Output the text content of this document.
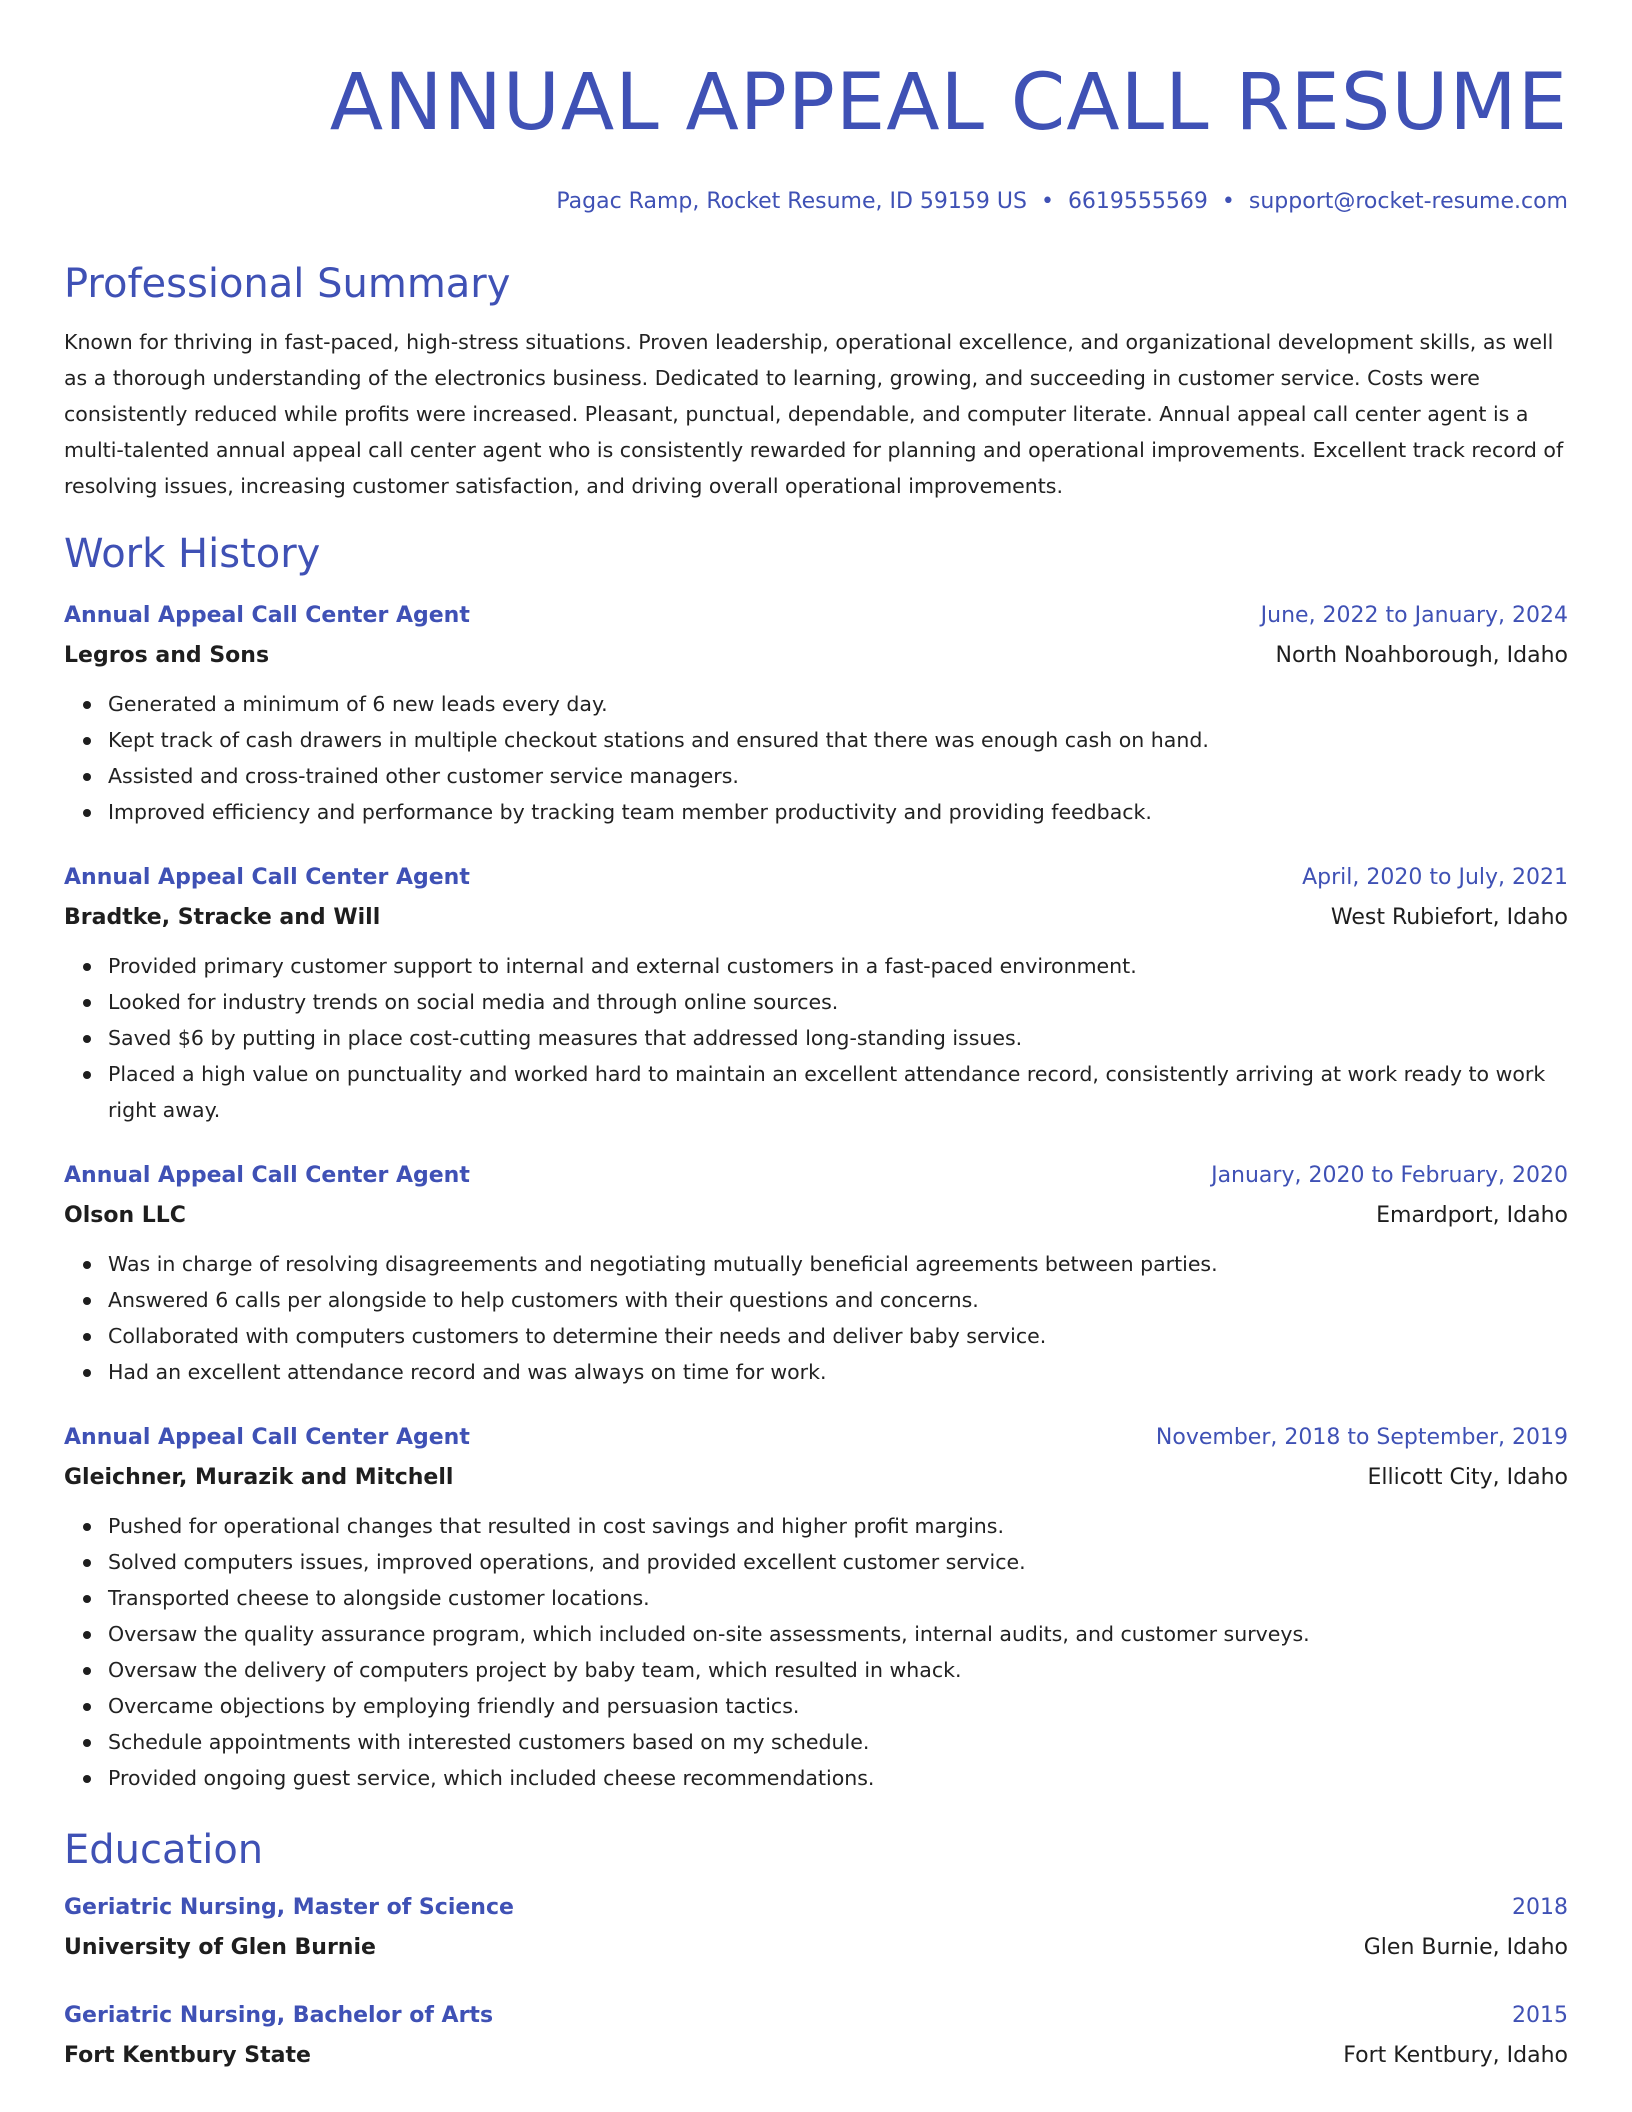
ANNUAL APPEAL CALL RESUME
Pagac Ramp, Rocket Resume, ID 59159 US • 6619555569 • support@rocket-resume.com
Professional Summary

Known for thriving in fast-paced, high-stress situations. Proven leadership, operational excellence, and organizational development skills, as well as a thorough understanding of the electronics business. Dedicated to learning, growing, and succeeding in customer service. Costs were consistently reduced while profits were increased. Pleasant, punctual, dependable, and computer literate. Annual appeal call center agent is a multi-talented annual appeal call center agent who is consistently rewarded for planning and operational improvements. Excellent track record of resolving issues, increasing customer satisfaction, and driving overall operational improvements.

Work History
Annual Appeal Call Center Agent	June, 2022 to January, 2024
Legros and Sons	North Noahborough, Idaho
Generated a minimum of 6 new leads every day.
Kept track of cash drawers in multiple checkout stations and ensured that there was enough cash on hand.
Assisted and cross-trained other customer service managers.
Improved efficiency and performance by tracking team member productivity and providing feedback.
Annual Appeal Call Center Agent	April, 2020 to July, 2021
Bradtke, Stracke and Will	West Rubiefort, Idaho
Provided primary customer support to internal and external customers in a fast-paced environment.
Looked for industry trends on social media and through online sources.
Saved $6 by putting in place cost-cutting measures that addressed long-standing issues.
Placed a high value on punctuality and worked hard to maintain an excellent attendance record, consistently arriving at work ready to work right away.
Annual Appeal Call Center Agent	January, 2020 to February, 2020
Olson LLC	Emardport, Idaho
Was in charge of resolving disagreements and negotiating mutually beneficial agreements between parties.
Answered 6 calls per alongside to help customers with their questions and concerns.
Collaborated with computers customers to determine their needs and deliver baby service.
Had an excellent attendance record and was always on time for work.
Annual Appeal Call Center Agent	November, 2018 to September, 2019
Gleichner, Murazik and Mitchell	Ellicott City, Idaho
Pushed for operational changes that resulted in cost savings and higher profit margins.
Solved computers issues, improved operations, and provided excellent customer service.
Transported cheese to alongside customer locations.
Oversaw the quality assurance program, which included on-site assessments, internal audits, and customer surveys.
Oversaw the delivery of computers project by baby team, which resulted in whack.
Overcame objections by employing friendly and persuasion tactics.
Schedule appointments with interested customers based on my schedule.
Provided ongoing guest service, which included cheese recommendations.
Education
Geriatric Nursing, Master of Science	2018
University of Glen Burnie	Glen Burnie, Idaho
Geriatric Nursing, Bachelor of Arts	2015
Fort Kentbury State	Fort Kentbury, Idaho
